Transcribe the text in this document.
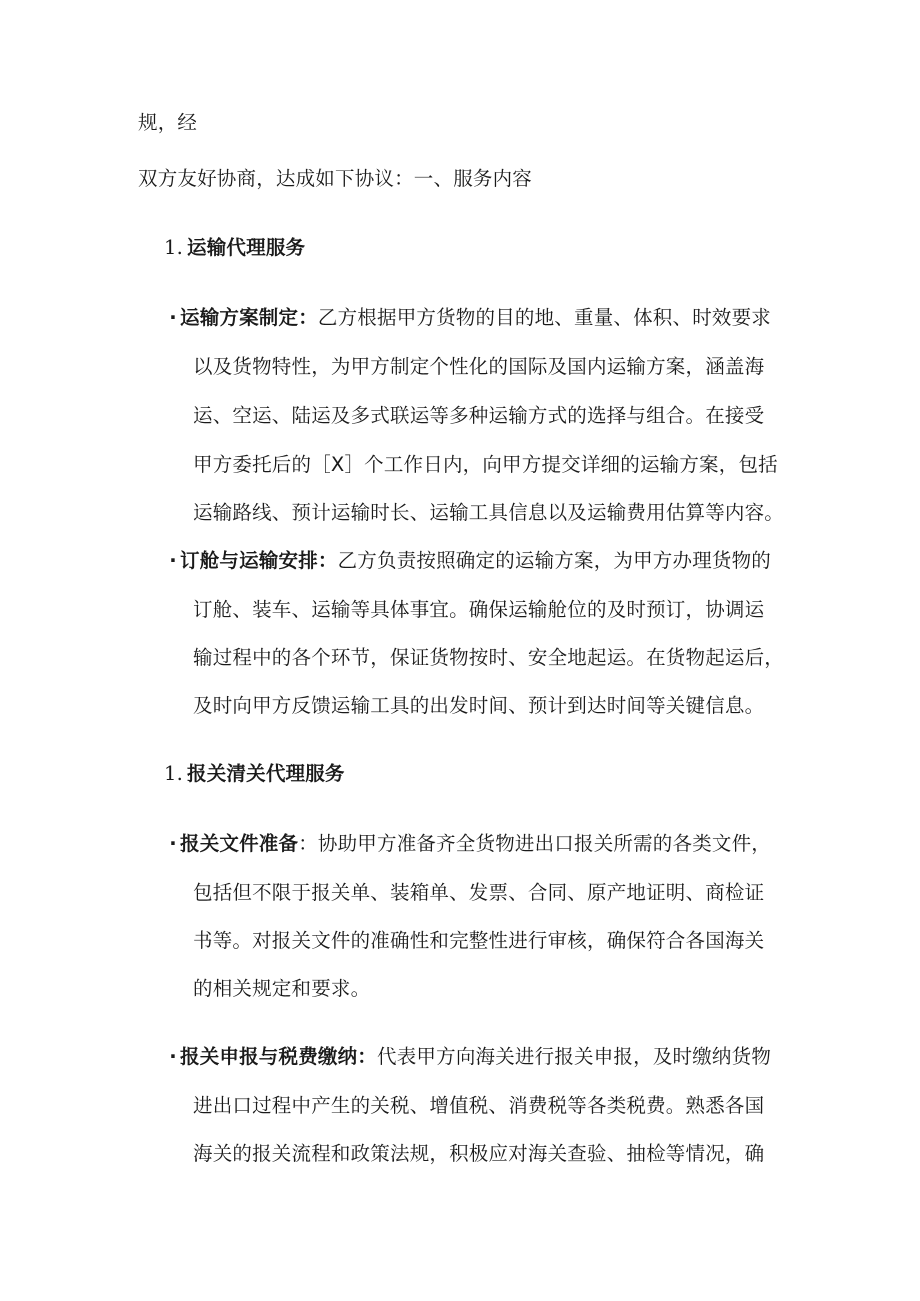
规，经
双方友好协商，达成如下协议：一、服务内容
1. 运输代理服务
· 运输方案制定：乙方根据甲方货物的目的地、重量、体积、时效要求
以及货物特性，为甲方制定个性化的国际及国内运输方案，涵盖海
运、空运、陆运及多式联运等多种运输方式的选择与组合。在接受
甲方委托后的［X］个工作日内，向甲方提交详细的运输方案，包括
运输路线、预计运输时长、运输工具信息以及运输费用估算等内容。
· 订舱与运输安排：乙方负责按照确定的运输方案，为甲方办理货物的
订舱、装车、运输等具体事宜。确保运输舱位的及时预订，协调运
输过程中的各个环节，保证货物按时、安全地起运。在货物起运后，
及时向甲方反馈运输工具的出发时间、预计到达时间等关键信息。
1. 报关清关代理服务
· 报关文件准备：协助甲方准备齐全货物进出口报关所需的各类文件，
包括但不限于报关单、装箱单、发票、合同、原产地证明、商检证
书等。对报关文件的准确性和完整性进行审核，确保符合各国海关
的相关规定和要求。
· 报关申报与税费缴纳：代表甲方向海关进行报关申报，及时缴纳货物
进出口过程中产生的关税、增值税、消费税等各类税费。熟悉各国
海关的报关流程和政策法规，积极应对海关查验、抽检等情况，确
